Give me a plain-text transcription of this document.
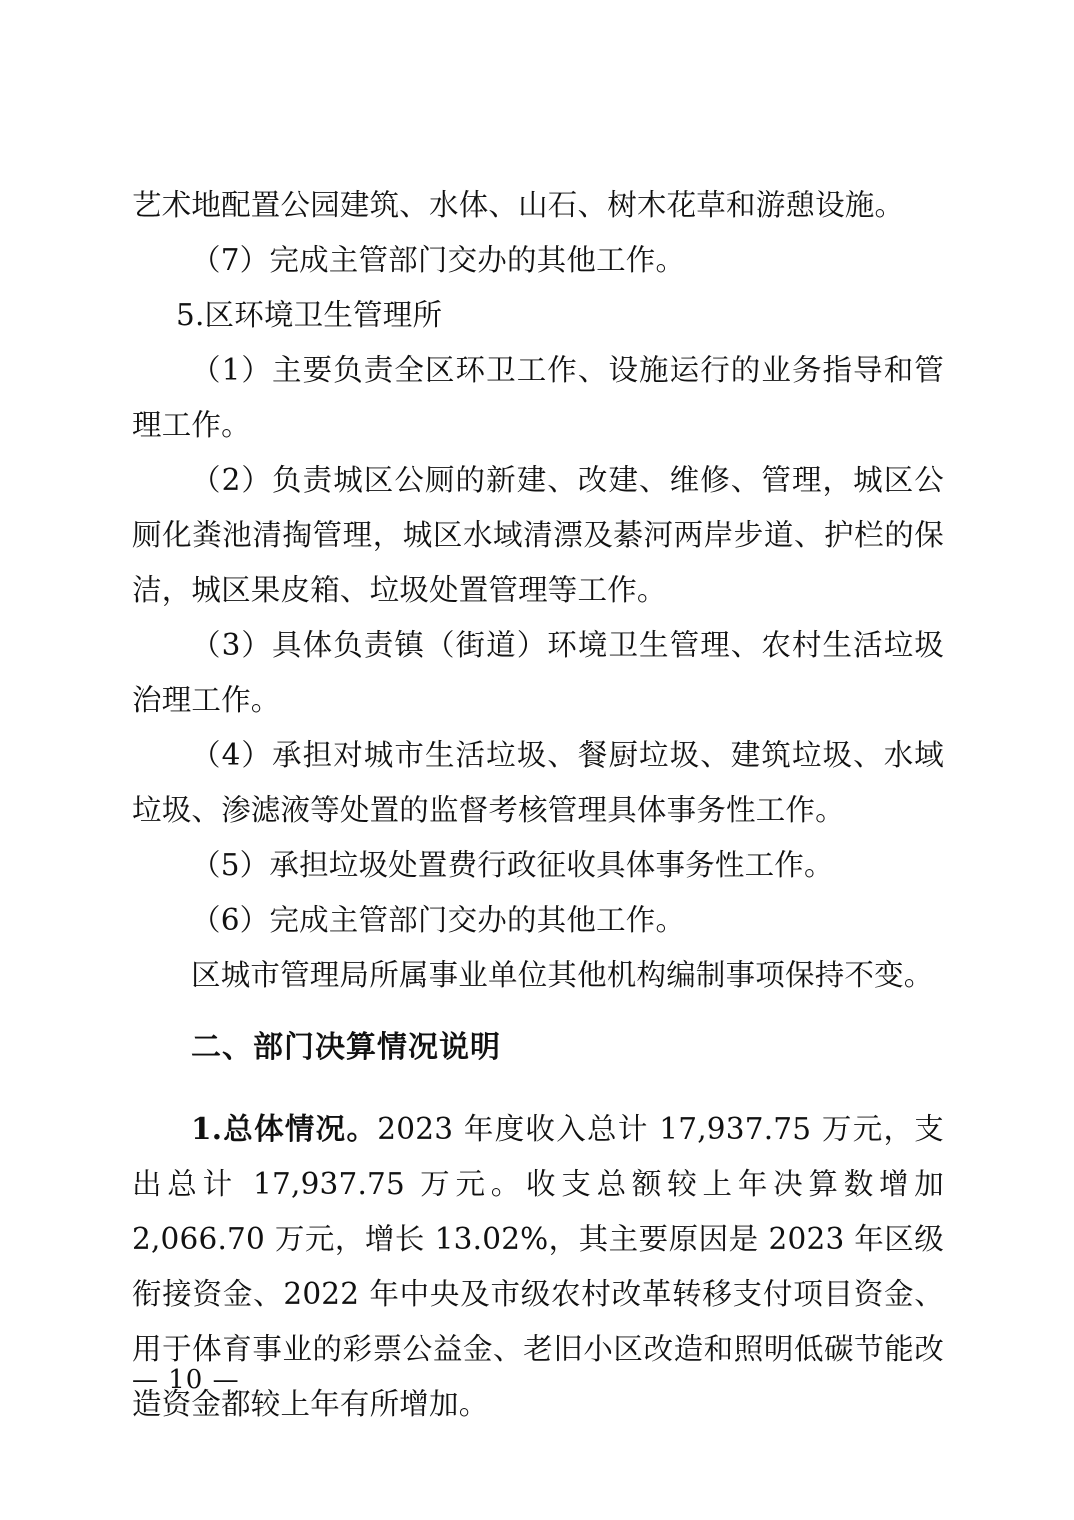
艺术地配置公园建筑、水体、山石、树木花草和游憩设施。

（7）完成主管部门交办的其他工作。

5.区环境卫生管理所

（1）主要负责全区环卫工作、设施运行的业务指导和管理工作。

（2）负责城区公厕的新建、改建、维修、管理，城区公厕化粪池清掏管理，城区水域清漂及綦河两岸步道、护栏的保洁，城区果皮箱、垃圾处置管理等工作。

（3）具体负责镇（街道）环境卫生管理、农村生活垃圾治理工作。

（4）承担对城市生活垃圾、餐厨垃圾、建筑垃圾、水域垃圾、渗滤液等处置的监督考核管理具体事务性工作。

（5）承担垃圾处置费行政征收具体事务性工作。

（6）完成主管部门交办的其他工作。

区城市管理局所属事业单位其他机构编制事项保持不变。

二、部门决算情况说明

1.总体情况。2023 年度收入总计 17,937.75 万元，支出总计 17,937.75 万元。收支总额较上年决算数增加 2,066.70 万元，增长 13.02%，其主要原因是 2023 年区级衔接资金、2022 年中央及市级农村改革转移支付项目资金、用于体育事业的彩票公益金、老旧小区改造和照明低碳节能改造资金都较上年有所增加。

— 10 —
